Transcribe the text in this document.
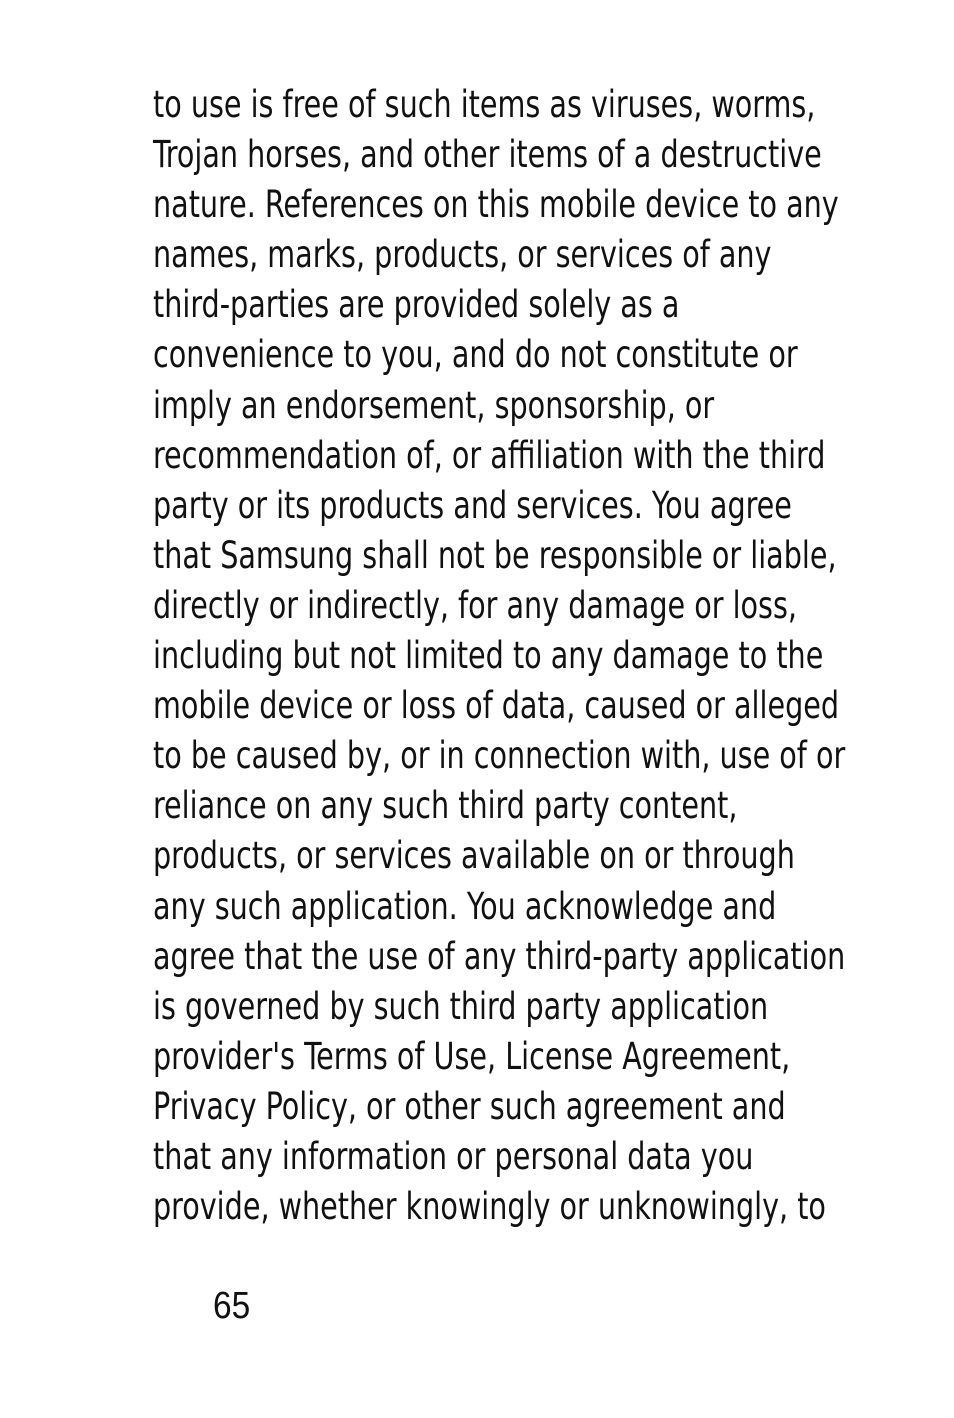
to use is free of such items as viruses, worms,
Trojan horses, and other items of a destructive
nature. References on this mobile device to any
names, marks, products, or services of any
third-parties are provided solely as a
convenience to you, and do not constitute or
imply an endorsement, sponsorship, or
recommendation of, or affiliation with the third
party or its products and services. You agree
that Samsung shall not be responsible or liable,
directly or indirectly, for any damage or loss,
including but not limited to any damage to the
mobile device or loss of data, caused or alleged
to be caused by, or in connection with, use of or
reliance on any such third party content,
products, or services available on or through
any such application. You acknowledge and
agree that the use of any third-party application
is governed by such third party application
provider's Terms of Use, License Agreement,
Privacy Policy, or other such agreement and
that any information or personal data you
provide, whether knowingly or unknowingly, to

65
